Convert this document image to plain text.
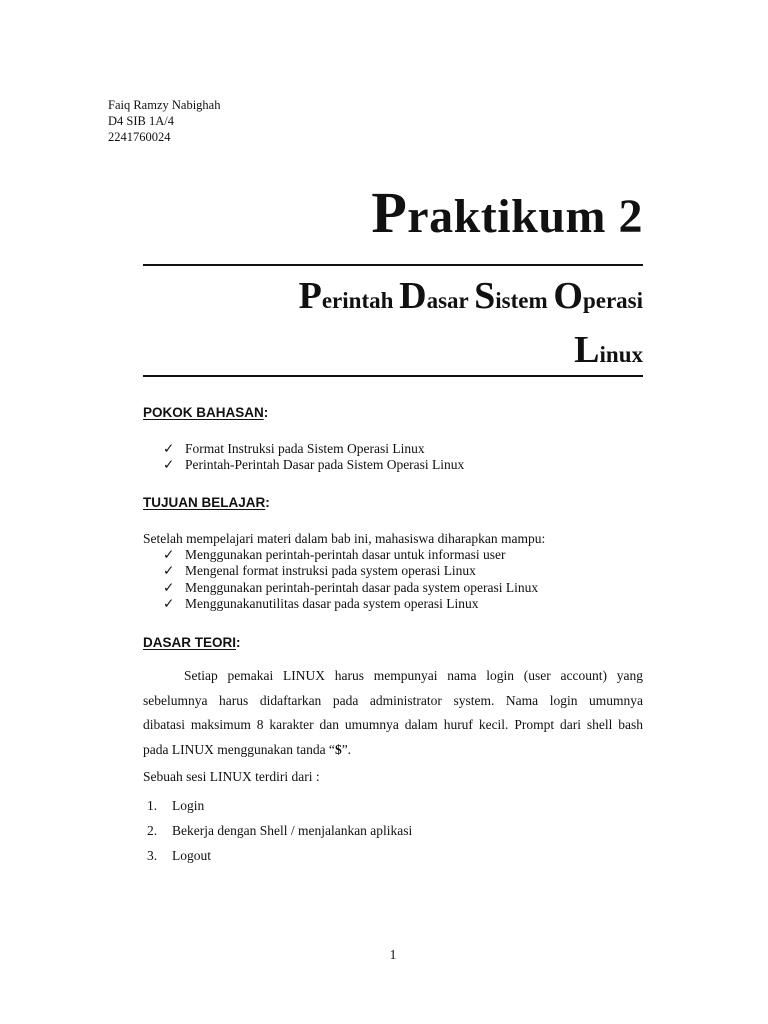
Faiq Ramzy Nabighah
D4 SIB 1A/4
2241760024
Praktikum 2
Perintah Dasar Sistem Operasi
Linux
POKOK BAHASAN:
✓ Format Instruksi pada Sistem Operasi Linux
✓ Perintah-Perintah Dasar pada Sistem Operasi Linux
TUJUAN BELAJAR:
Setelah mempelajari materi dalam bab ini, mahasiswa diharapkan mampu:
✓ Menggunakan perintah-perintah dasar untuk informasi user
✓ Mengenal format instruksi pada system operasi Linux
✓ Menggunakan perintah-perintah dasar pada system operasi Linux
✓ Menggunakanutilitas dasar pada system operasi Linux
DASAR TEORI:
Setiap pemakai LINUX harus mempunyai nama login (user account) yang
sebelumnya harus didaftarkan pada administrator system. Nama login umumnya
dibatasi maksimum 8 karakter dan umumnya dalam huruf kecil. Prompt dari shell bash
pada LINUX menggunakan tanda “$”.
Sebuah sesi LINUX terdiri dari :
1. Login
2. Bekerja dengan Shell / menjalankan aplikasi
3. Logout
1
